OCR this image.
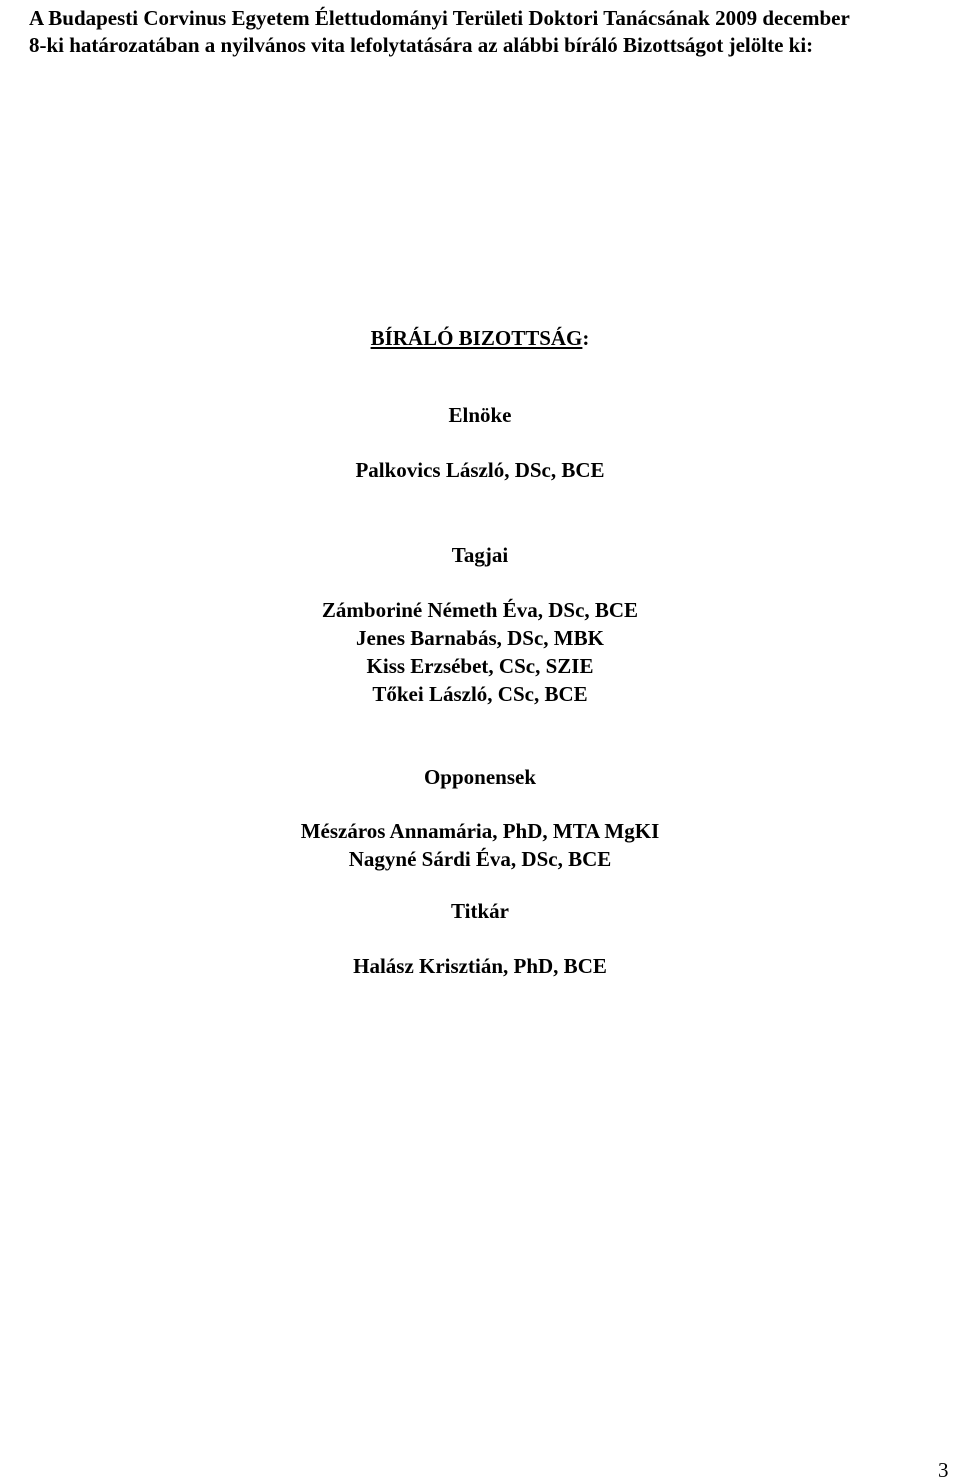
A Budapesti Corvinus Egyetem Élettudományi Területi Doktori Tanácsának 2009 december

8-ki határozatában a nyilvános vita lefolytatására az alábbi bíráló Bizottságot jelölte ki:

BÍRÁLÓ BIZOTTSÁG:

Elnöke

Palkovics László, DSc, BCE

Tagjai

Zámboriné Németh Éva, DSc, BCE

Jenes Barnabás, DSc, MBK

Kiss Erzsébet, CSc, SZIE

Tőkei László, CSc, BCE

Opponensek

Mészáros Annamária, PhD, MTA MgKI

Nagyné Sárdi Éva, DSc, BCE

Titkár

Halász Krisztián, PhD, BCE

3
